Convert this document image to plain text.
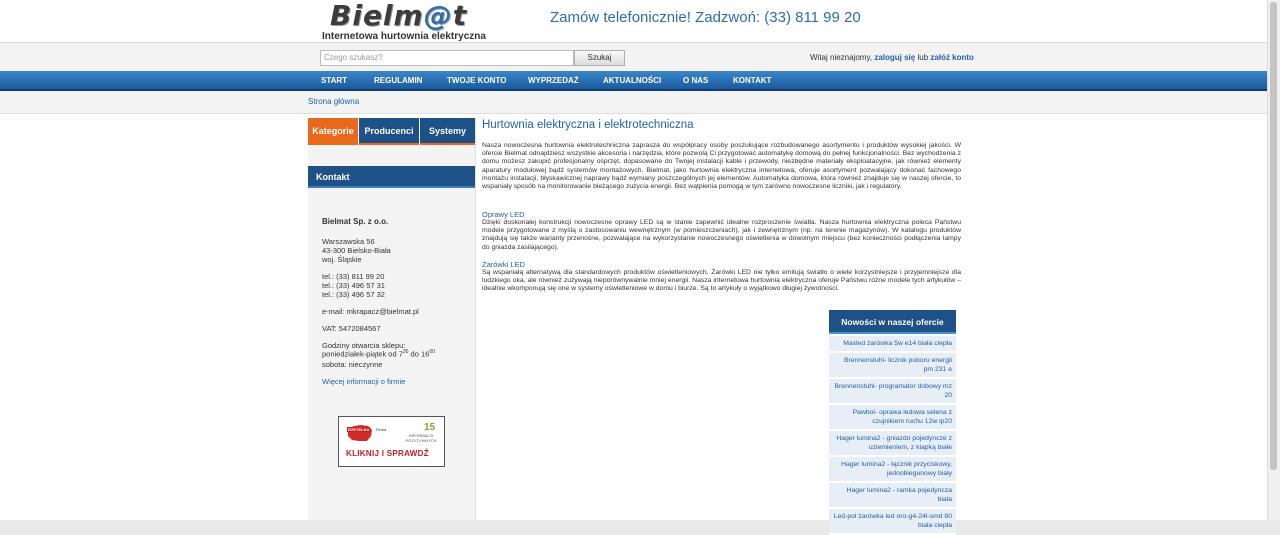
Bielm@t
Internetowa hurtownia elektryczna
Zamów telefonicznie! Zadzwoń: (33) 811 99 20
Czego szukasz?	Szukaj	Witaj nieznajomy, zaloguj się lub załóż konto
START	REGULAMIN	TWOJE KONTO	WYPRZEDAŻ	AKTUALNOŚCI	O NAS	KONTAKT
Strona główna
Kategorie	Producenci	Systemy
Kontakt
Bielmat Sp. z o.o.
Warszawska 56
43-300 Bielsko-Biała
woj. Śląskie
tel.: (33) 811 99 20
tel.: (33) 496 57 31
tel.: (33) 496 57 32
e-mail: mkrapacz@bielmat.pl
VAT: 5472084567
Godziny otwarcia sklepu:
poniedziałek-piątek od $7^{30}$ do $16^{00}$
sobota: nieczynne
Więcej informacji o firmie
RZETELNA Firma	15
INFORMACJI POZYTYWNYCH
KLIKNIJ I SPRAWDŹ
Hurtownia elektryczna i elektrotechniczna
Nasza nowoczesna hurtownia elektrotechniczna zaprasza do współpracy osoby poszukujące rozbudowanego asortymentu i produktów wysokiej jakości. W ofercie Bielmat odnajdziesz wszystkie akcesoria i narzędzia, które pozwolą Ci przygotować automatykę domową do pełnej funkcjonalności. Bez wychodzenia z domu możesz zakupić profesjonalny osprzęt, dopasowane do Twojej instalacji kable i przewody, niezbędne materiały eksploatacyjne, jak również elementy aparatury modułowej bądź systemów montażowych. Bielmat, jako hurtownia elektryczna internetowa, oferuje asortyment pozwalający dokonać fachowego montażu instalacji, błyskawicznej naprawy bądź wymiany poszczególnych jej elementów. Automatyka domowa, która również znajduje się w naszej ofercie, to wspaniały sposób na monitorowanie bieżącego zużycia energii. Bez wątpienia pomogą w tym zarówno nowoczesne liczniki, jak i regulatory.
Oprawy LED
Dzięki doskonałej konstrukcji nowoczesne oprawy LED są w stanie zapewnić idealne rozproszenie światła. Nasza hurtownia elektryczna poleca Państwu modele przygotowane z myślą o zastosowaniu wewnętrznym (w pomieszczeniach), jak i zewnętrznym (np. na terenie magazynów). W katalogu produktów znajdują się także warianty przenośne, pozwalające na wykorzystanie nowoczesnego oświetlenia w dowolnym miejscu (bez konieczności podłączenia lampy do gniazda zasilającego).
Żarówki LED
Są wspaniałą alternatywą dla standardowych produktów oświetleniowych. Żarówki LED nie tylko emitują światło o wiele korzystniejsze i przyjemniejsze dla ludzkiego oka, ale również zużywają nieporównywalnie mniej energii. Nasza internetowa hurtownia elektryczna oferuje Państwu różne modele tych artykułów – idealnie wkomponują się one w systemy oświetleniowe w domu i biurze. Są to artykuły o wyjątkowo długiej żywotności.
Nowości w naszej ofercie
Maxled żarówka 5w e14 biała ciepła
Brennenstuhl- licznik poboru energii pm 231 e
Brennenstuhl- programator dobowy mz 20
Pawbol- oprawa ledowa selena z czujnikiem ruchu 12w ip20
Hager lumina2 - gniazdo pojedyncze z uziemieniem, z klapką białe
Hager lumina2 - łącznik przyciskowy, jednobiegunowy biały
Hager lumina2 - ramka pojedyncza biała
Led-pol żarówka led oro-g4-24l-smd 80 biała ciepła
